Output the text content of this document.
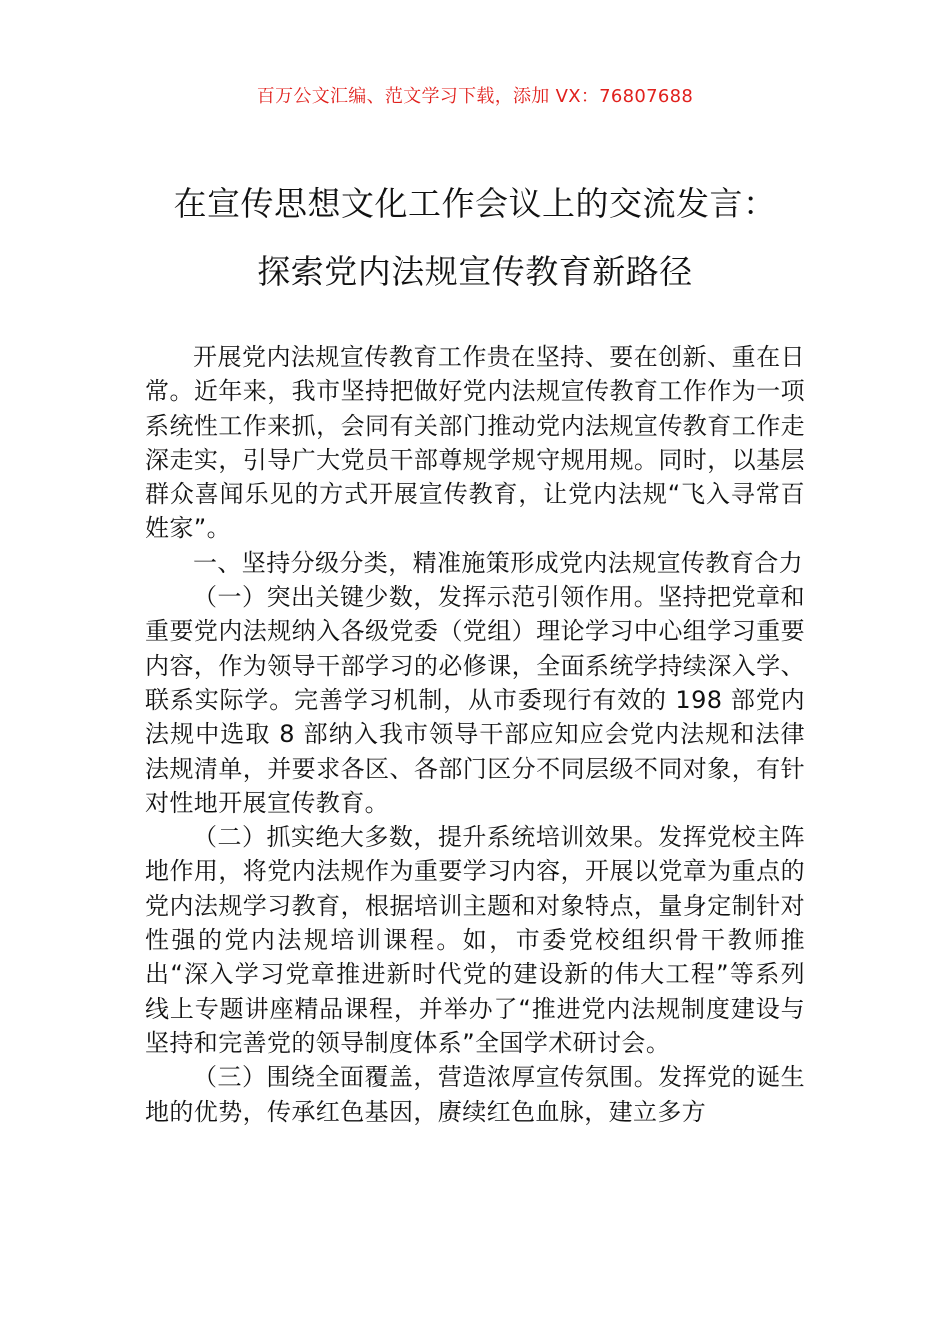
百万公文汇编、范文学习下载，添加 VX：76807688
在宣传思想文化工作会议上的交流发言：
探索党内法规宣传教育新路径

开展党内法规宣传教育工作贵在坚持、要在创新、重在日常。近年来，我市坚持把做好党内法规宣传教育工作作为一项系统性工作来抓，会同有关部门推动党内法规宣传教育工作走深走实，引导广大党员干部尊规学规守规用规。同时，以基层群众喜闻乐见的方式开展宣传教育，让党内法规“飞入寻常百姓家”。

一、坚持分级分类，精准施策形成党内法规宣传教育合力

（一）突出关键少数，发挥示范引领作用。坚持把党章和重要党内法规纳入各级党委（党组）理论学习中心组学习重要内容，作为领导干部学习的必修课，全面系统学持续深入学、联系实际学。完善学习机制，从市委现行有效的 198 部党内法规中选取 8 部纳入我市领导干部应知应会党内法规和法律法规清单，并要求各区、各部门区分不同层级不同对象，有针对性地开展宣传教育。

（二）抓实绝大多数，提升系统培训效果。发挥党校主阵地作用，将党内法规作为重要学习内容，开展以党章为重点的党内法规学习教育，根据培训主题和对象特点，量身定制针对性强的党内法规培训课程。如，市委党校组织骨干教师推出“深入学习党章推进新时代党的建设新的伟大工程”等系列线上专题讲座精品课程，并举办了“推进党内法规制度建设与坚持和完善党的领导制度体系”全国学术研讨会。

（三）围绕全面覆盖，营造浓厚宣传氛围。发挥党的诞生地的优势，传承红色基因，赓续红色血脉，建立多方
